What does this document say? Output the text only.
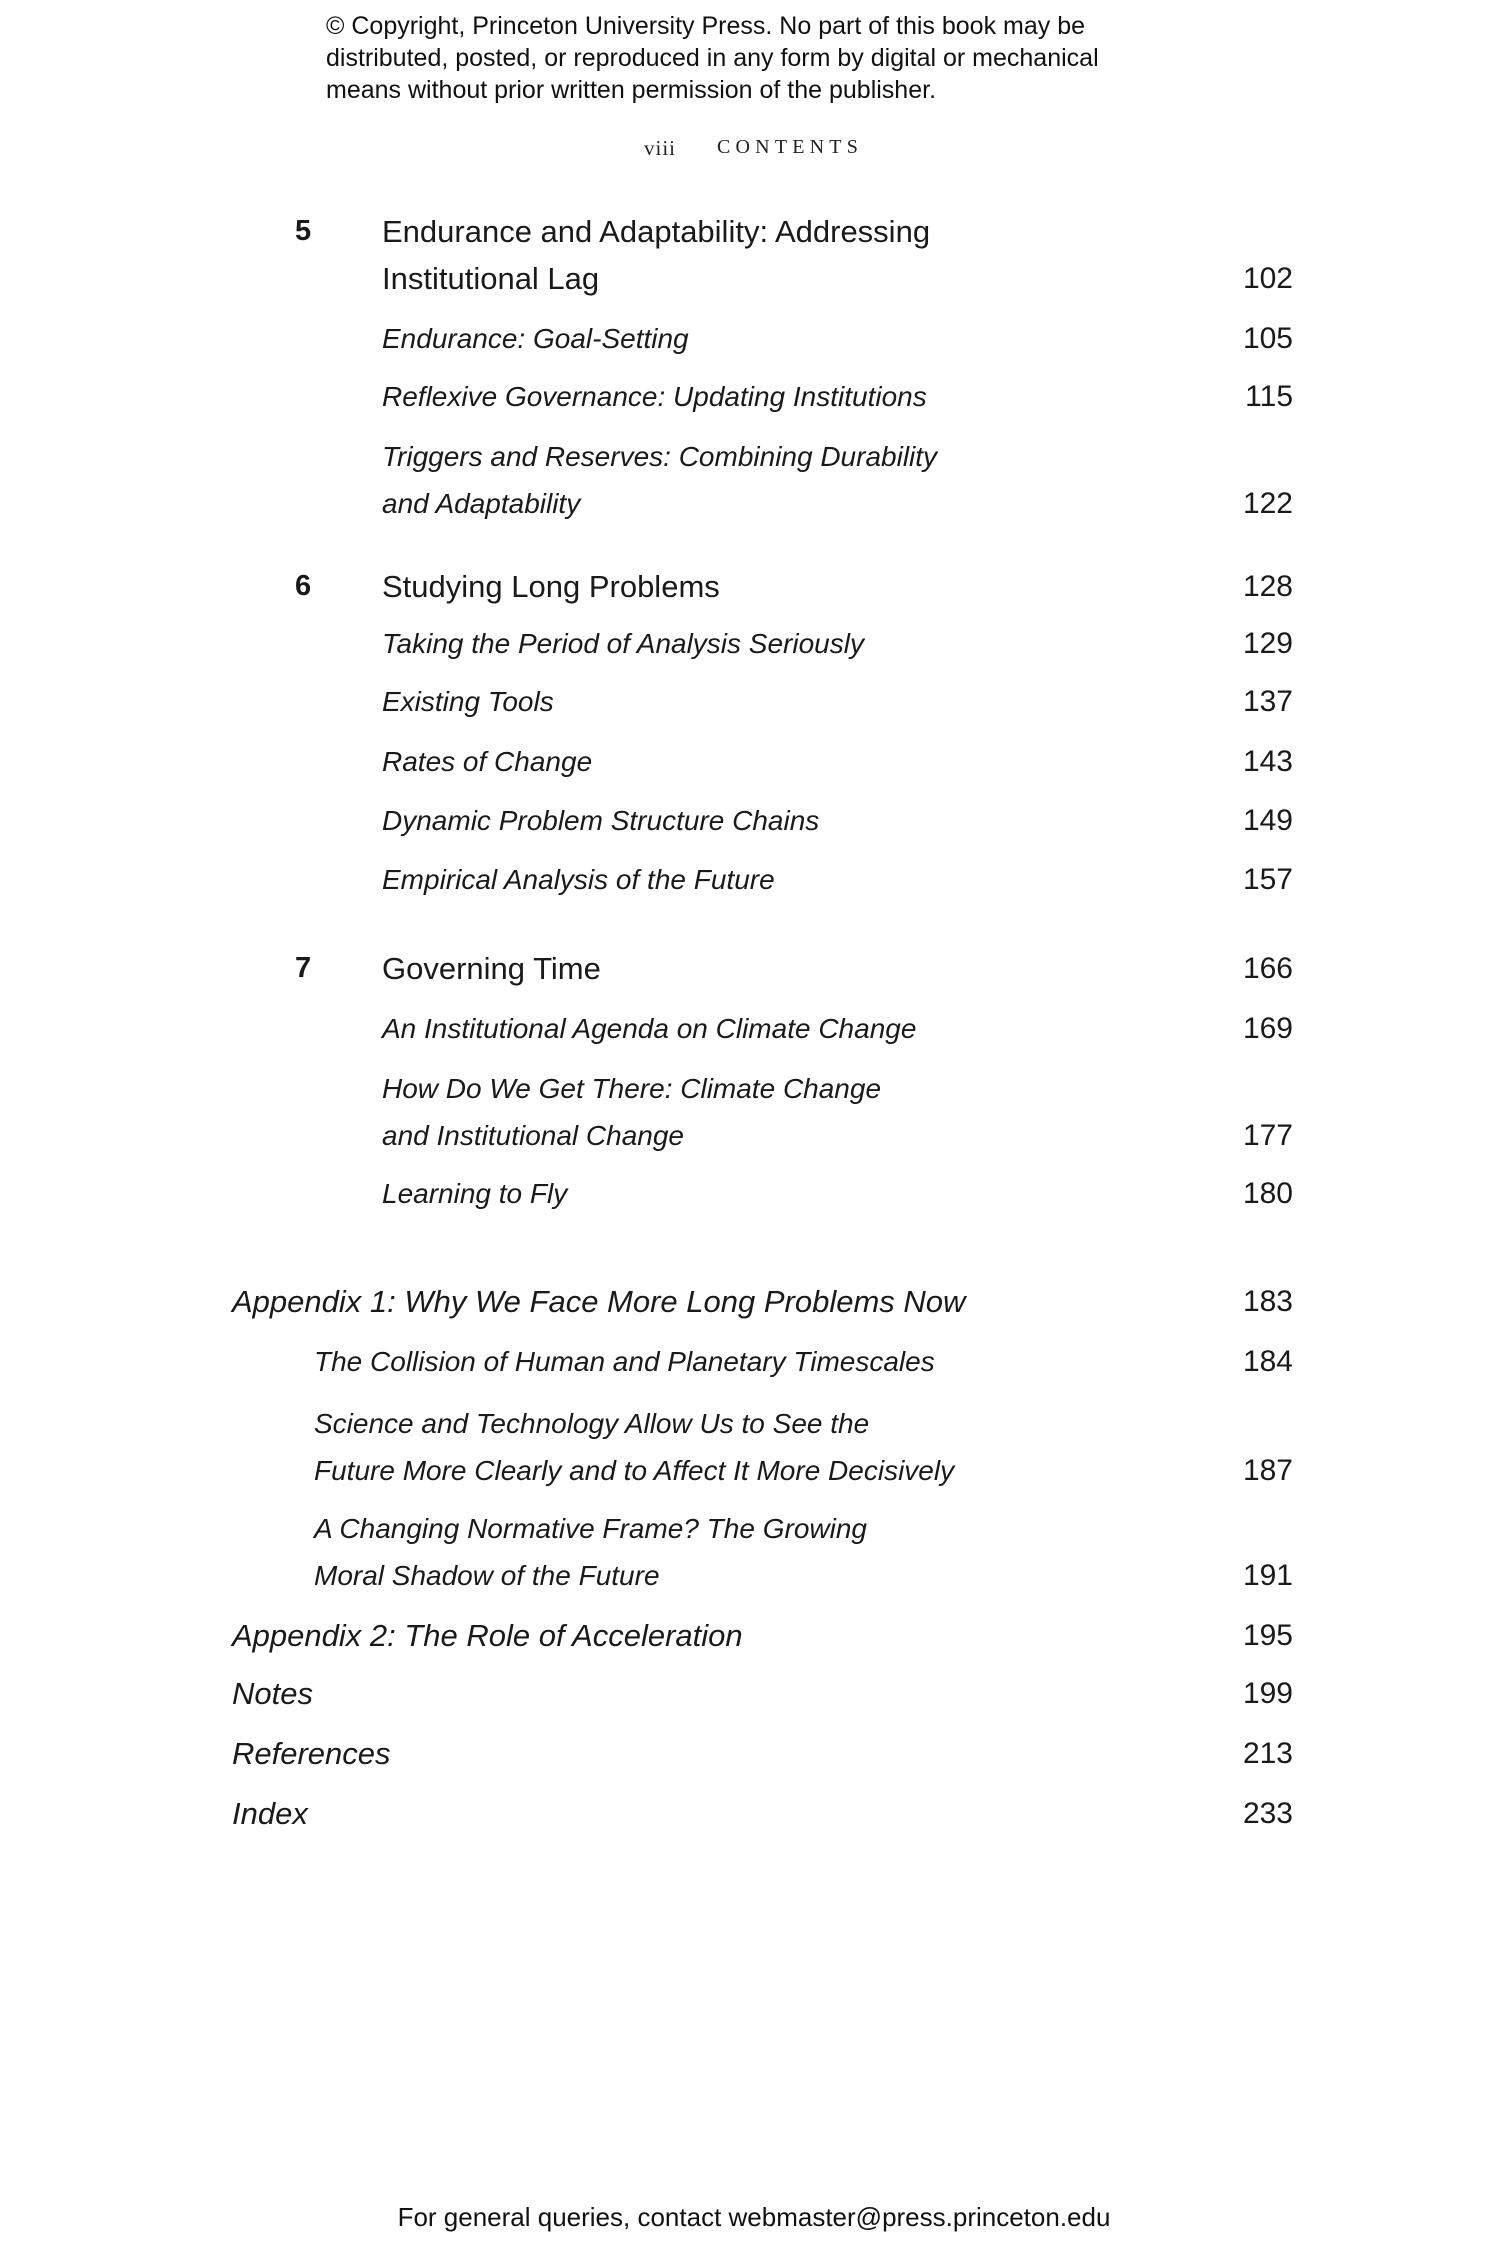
© Copyright, Princeton University Press. No part of this book may be
distributed, posted, or reproduced in any form by digital or mechanical
means without prior written permission of the publisher.
viii CONTENTS
5 Endurance and Adaptability: Addressing
Institutional Lag	102
Endurance: Goal-Setting	105
Reflexive Governance: Updating Institutions	115
Triggers and Reserves: Combining Durability
and Adaptability	122
6 Studying Long Problems	128
Taking the Period of Analysis Seriously	129
Existing Tools	137
Rates of Change	143
Dynamic Problem Structure Chains	149
Empirical Analysis of the Future	157
7 Governing Time	166
An Institutional Agenda on Climate Change	169
How Do We Get There: Climate Change
and Institutional Change	177
Learning to Fly	180
Appendix 1: Why We Face More Long Problems Now	183
The Collision of Human and Planetary Timescales	184
Science and Technology Allow Us to See the
Future More Clearly and to Affect It More Decisively	187
A Changing Normative Frame? The Growing
Moral Shadow of the Future	191
Appendix 2: The Role of Acceleration	195
Notes	199
References	213
Index	233
For general queries, contact webmaster@press.princeton.edu
